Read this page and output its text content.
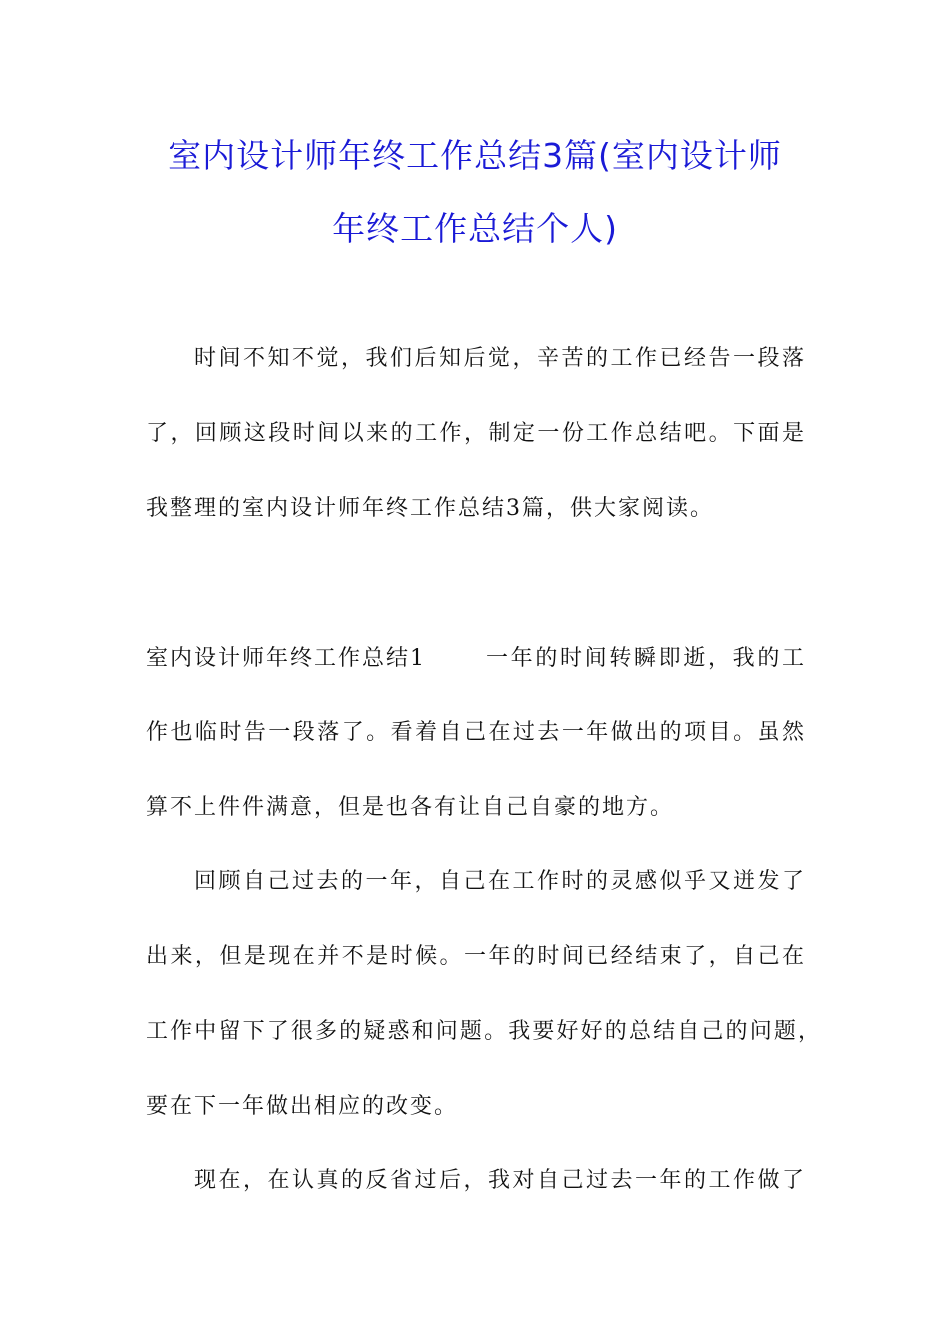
室内设计师年终工作总结3篇(室内设计师
年终工作总结个人)
时间不知不觉，我们后知后觉，辛苦的工作已经告一段落
了，回顾这段时间以来的工作，制定一份工作总结吧。下面是
我整理的室内设计师年终工作总结3篇，供大家阅读。
室内设计师年终工作总结1	一年的时间转瞬即逝，我的工
作也临时告一段落了。看着自己在过去一年做出的项目。虽然
算不上件件满意，但是也各有让自己自豪的地方。
回顾自己过去的一年，自己在工作时的灵感似乎又迸发了
出来，但是现在并不是时候。一年的时间已经结束了，自己在
工作中留下了很多的疑惑和问题。我要好好的总结自己的问题，
要在下一年做出相应的改变。
现在，在认真的反省过后，我对自己过去一年的工作做了
